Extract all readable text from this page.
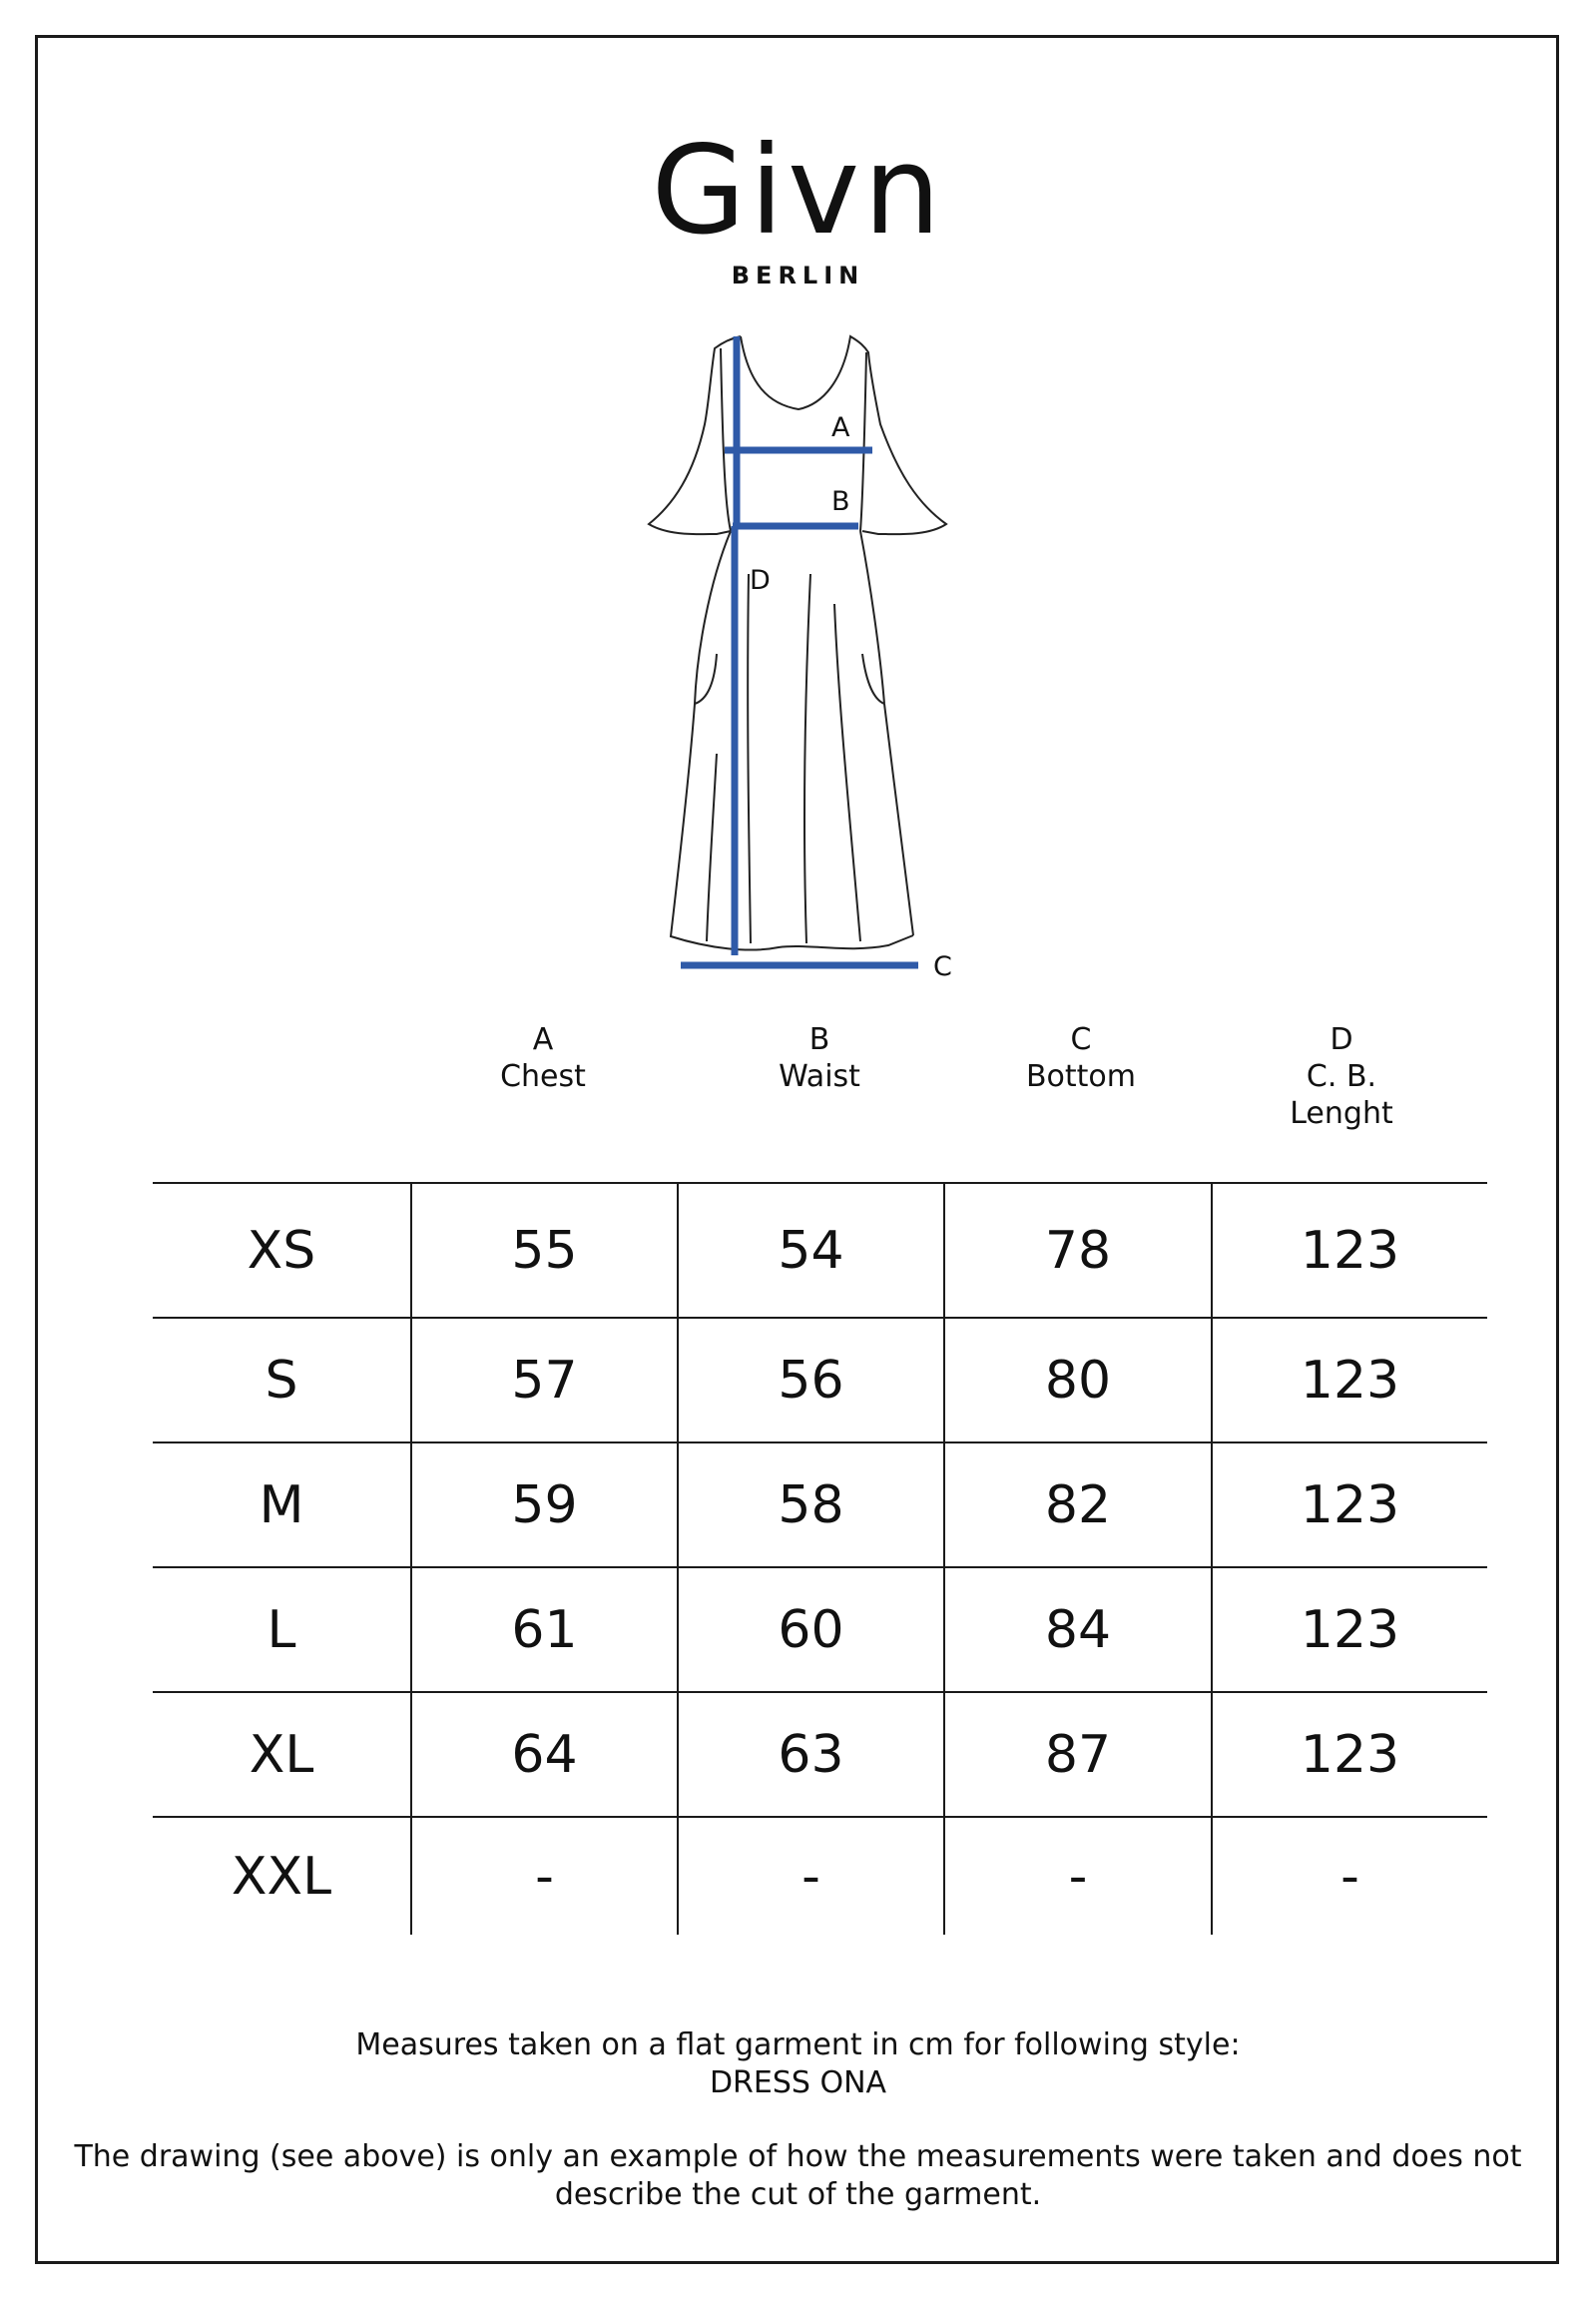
Givn
BERLIN
A
B
D
C
A
Chest
B
Waist
C
Bottom
D
C. B. Lenght
XS	55	54	78	123
S	57	56	80	123
M	59	58	82	123
L	61	60	84	123
XL	64	63	87	123
XXL	-	-	-	-
Measures taken on a flat garment in cm for following style:
DRESS ONA
The drawing (see above) is only an example of how the measurements were taken and does not describe the cut of the garment.
